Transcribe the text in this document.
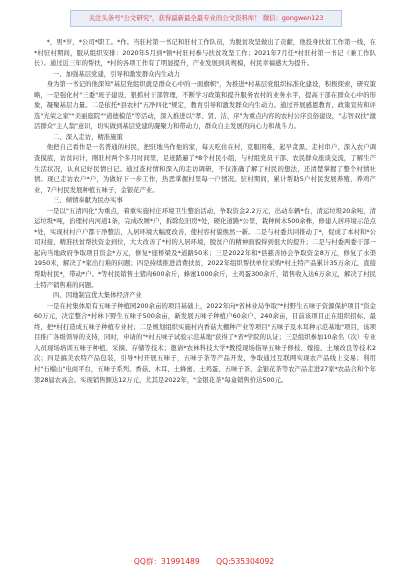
关注头条号"公文研究"，获得最新最全最专业的公文资料库！ 微信：gongwen123

*，男*岁，*公司*职工。*作。当驻村第一书记和驻村工作队员，为脱贫攻坚做出了贡献，他投身扶贫工作第一线，在*村驻村期间，服从组织安排：2020年5月到*镇*村驻村参与扶贫攻坚工作；2021年7月任*村驻村第一书记（兼工作队长）。通过近三年的帮扶，*村的各项工作有了明显提升，产业发展到具规模，村民幸福感大为提升。

一、加强基层党建，引导和激发群众内生动力

身为第一书记的他深知"基层党组织就是群众心中的一面旗帜"，为推进*村基层党组织标准化建设，积极探索，研究策略，一是强化村"三委"班子建设，狠抓村干部管理，不断学习政策和提升服务农村的业务水平，提高干部在群众心中的形象，凝聚基层力量。二是依托*县农村"五净四化"规定，教育引导和激发群众内生动力。通过开展感恩教育、政策宣传和评选"光荣之家""美丽庭院""道德模范"等活动，深入推进以"孝、贤、洁、序"为重点内容的农村公序良俗建设，"志智双扶"激活群众"主人翁"意识，切实做到基层党建的凝聚力和带动力，群众自主发展的向心力和战斗力。

二、深入走访，精准施策

他把自己看作是一名普通的村民，把驻地当作他的家，每天吃住在村，克服困难，起早贪黑、走村串户、深入农户调查摸底，访贫问计，刚驻村两个多月时间里，足迹踏遍了*8个村民小组，与村组党员干部、农民群众座谈交流，了解生产生活状况，认真记好民情日记。通过查村情和深入的走访调研，不仅准确了解了村民的想法，还清楚掌握了整个村情社情。现已走访农户*户，为做好下一步工作，热恶掌握村里每一户情况。驻村期间，累计帮助5户村民发展养殖、养鸡产业，7户村民发展种植五味子、金银花产业。

三、倾情奉献为民办实事

一是以"五清四化"为重点，着重实施村庄环境卫生整治活动，争取资金2.2万元，出动车辆*台，清运垃圾20余吨，清运垃圾*吨，治理村内河道1条，完成改厕*户，拆除危旧房*处，硬化道路*公里，栽种树木500余株，修建人居环境示范点*处，实现村村户户都干净整洁，人居环境大幅度改善，使村容村貌焕然一新。二是与村委共同推动了*，促成了本村和*公司对接，精准扶贫帮扶资金到位，大大改善了*村的人居环境，脱贫户的精神面貌得到很大的提升；二是与村委两委干部一起向当地政府争取项目资金*万元，修复*座桥梁及*道路50米；三是2022年和*县慈善协会争取资金8万元，修复了水渠1950米，解决了*家出行难的问题；四是持续推进消费扶贫，2022年组织帮扶单位采购*村土特产品累计35万余元，直接帮助村民*，带动*户、*等村民销售土猪肉600余斤，蜂蜜1000余斤，土鸡蛋300余斤，销售收入达6万余元，解决了村民土特产销售难的问题。

四、因地制宜优大集体经济产业

一是在村集体原有五味子种植园200余亩的项目基础上，2022年向*省林业局争取"*村野生五味子资源保护项目"资金60万元，决定整合*村林下野生五味子500余亩，新发展五味子种植户60余户、240余亩，目前该项目正在组织招标，最终，把*村打造成五味子种植专业村；二是规划组织实施村内香菇大棚种产业等项目"五味子及木耳种示范基地"项目，该项目推广各级领导的支持，同时，申请的"*村五味子试验示范基地"获得了*省*学院的认证；三是组织参加10余名（次）专业人员现场培训五味子种植、采摘、存储等技术；邀请*农林科技大学*教授现场指导五味子修枝、嫁接、土壤改良等技术2次；四是搞美农特产品包装，引导*村开展五味子，五味子茶等产品开发，争取通过互联网实现农产品线上交易；利用村"石榴山"电商平台，五味子系列、香菇、木耳、土蜂蜜、土鸡蛋、五味子茶、金银花茶等农产品走进27家*农品合和个年第28届农高会。实现销售额达12万元，尤其是2022年，"金银花茶"每盒销售价达500元。

QQ群：31991489 QQ:535304092
